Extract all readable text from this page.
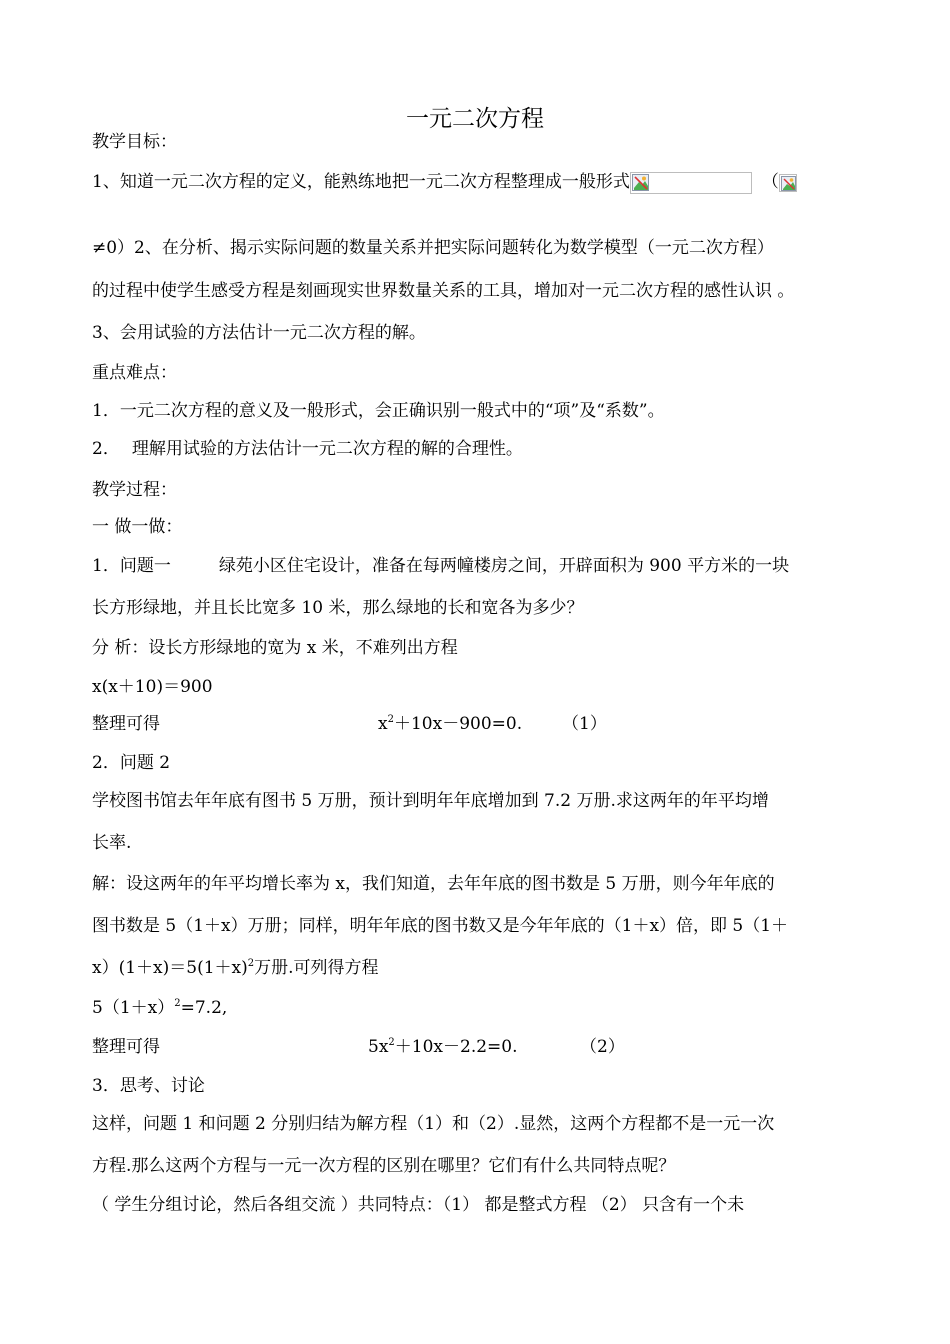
一元二次方程
教学目标：
1、知道一元二次方程的定义，能熟练地把一元二次方程整理成一般形式	（
≠0）2、在分析、揭示实际问题的数量关系并把实际问题转化为数学模型（一元二次方程）
的过程中使学生感受方程是刻画现实世界数量关系的工具，增加对一元二次方程的感性认识 。
3、会用试验的方法估计一元二次方程的解。
重点难点：
1．一元二次方程的意义及一般形式，会正确识别一般式中的“项”及“系数”。
2． 理解用试验的方法估计一元二次方程的解的合理性。
教学过程：
一 做一做：
1．问题一	绿苑小区住宅设计，准备在每两幢楼房之间，开辟面积为 900 平方米的一块
长方形绿地，并且长比宽多 10 米，那么绿地的长和宽各为多少？
分 析：设长方形绿地的宽为 x 米，不难列出方程
x(x＋10)＝900
整理可得	$x^2+10x-900=0$. （1）
2．问题 2
学校图书馆去年年底有图书 5 万册，预计到明年年底增加到 7.2 万册.求这两年的年平均增
长率.
解：设这两年的年平均增长率为 x，我们知道，去年年底的图书数是 5 万册，则今年年底的
图书数是 5（1＋x）万册；同样，明年年底的图书数又是今年年底的（1＋x）倍，即 5（1＋
$x)(1+x)=5(1+x)^2$万册.可列得方程
$5(1+x)^2=7.2$,
整理可得	$5x^2+10x-2.2=0$.	（2）
3．思考、讨论
这样，问题 1 和问题 2 分别归结为解方程（1）和（2）.显然，这两个方程都不是一元一次
方程.那么这两个方程与一元一次方程的区别在哪里？它们有什么共同特点呢？
（ 学生分组讨论，然后各组交流 ）共同特点：（1） 都是整式方程 （2） 只含有一个未
